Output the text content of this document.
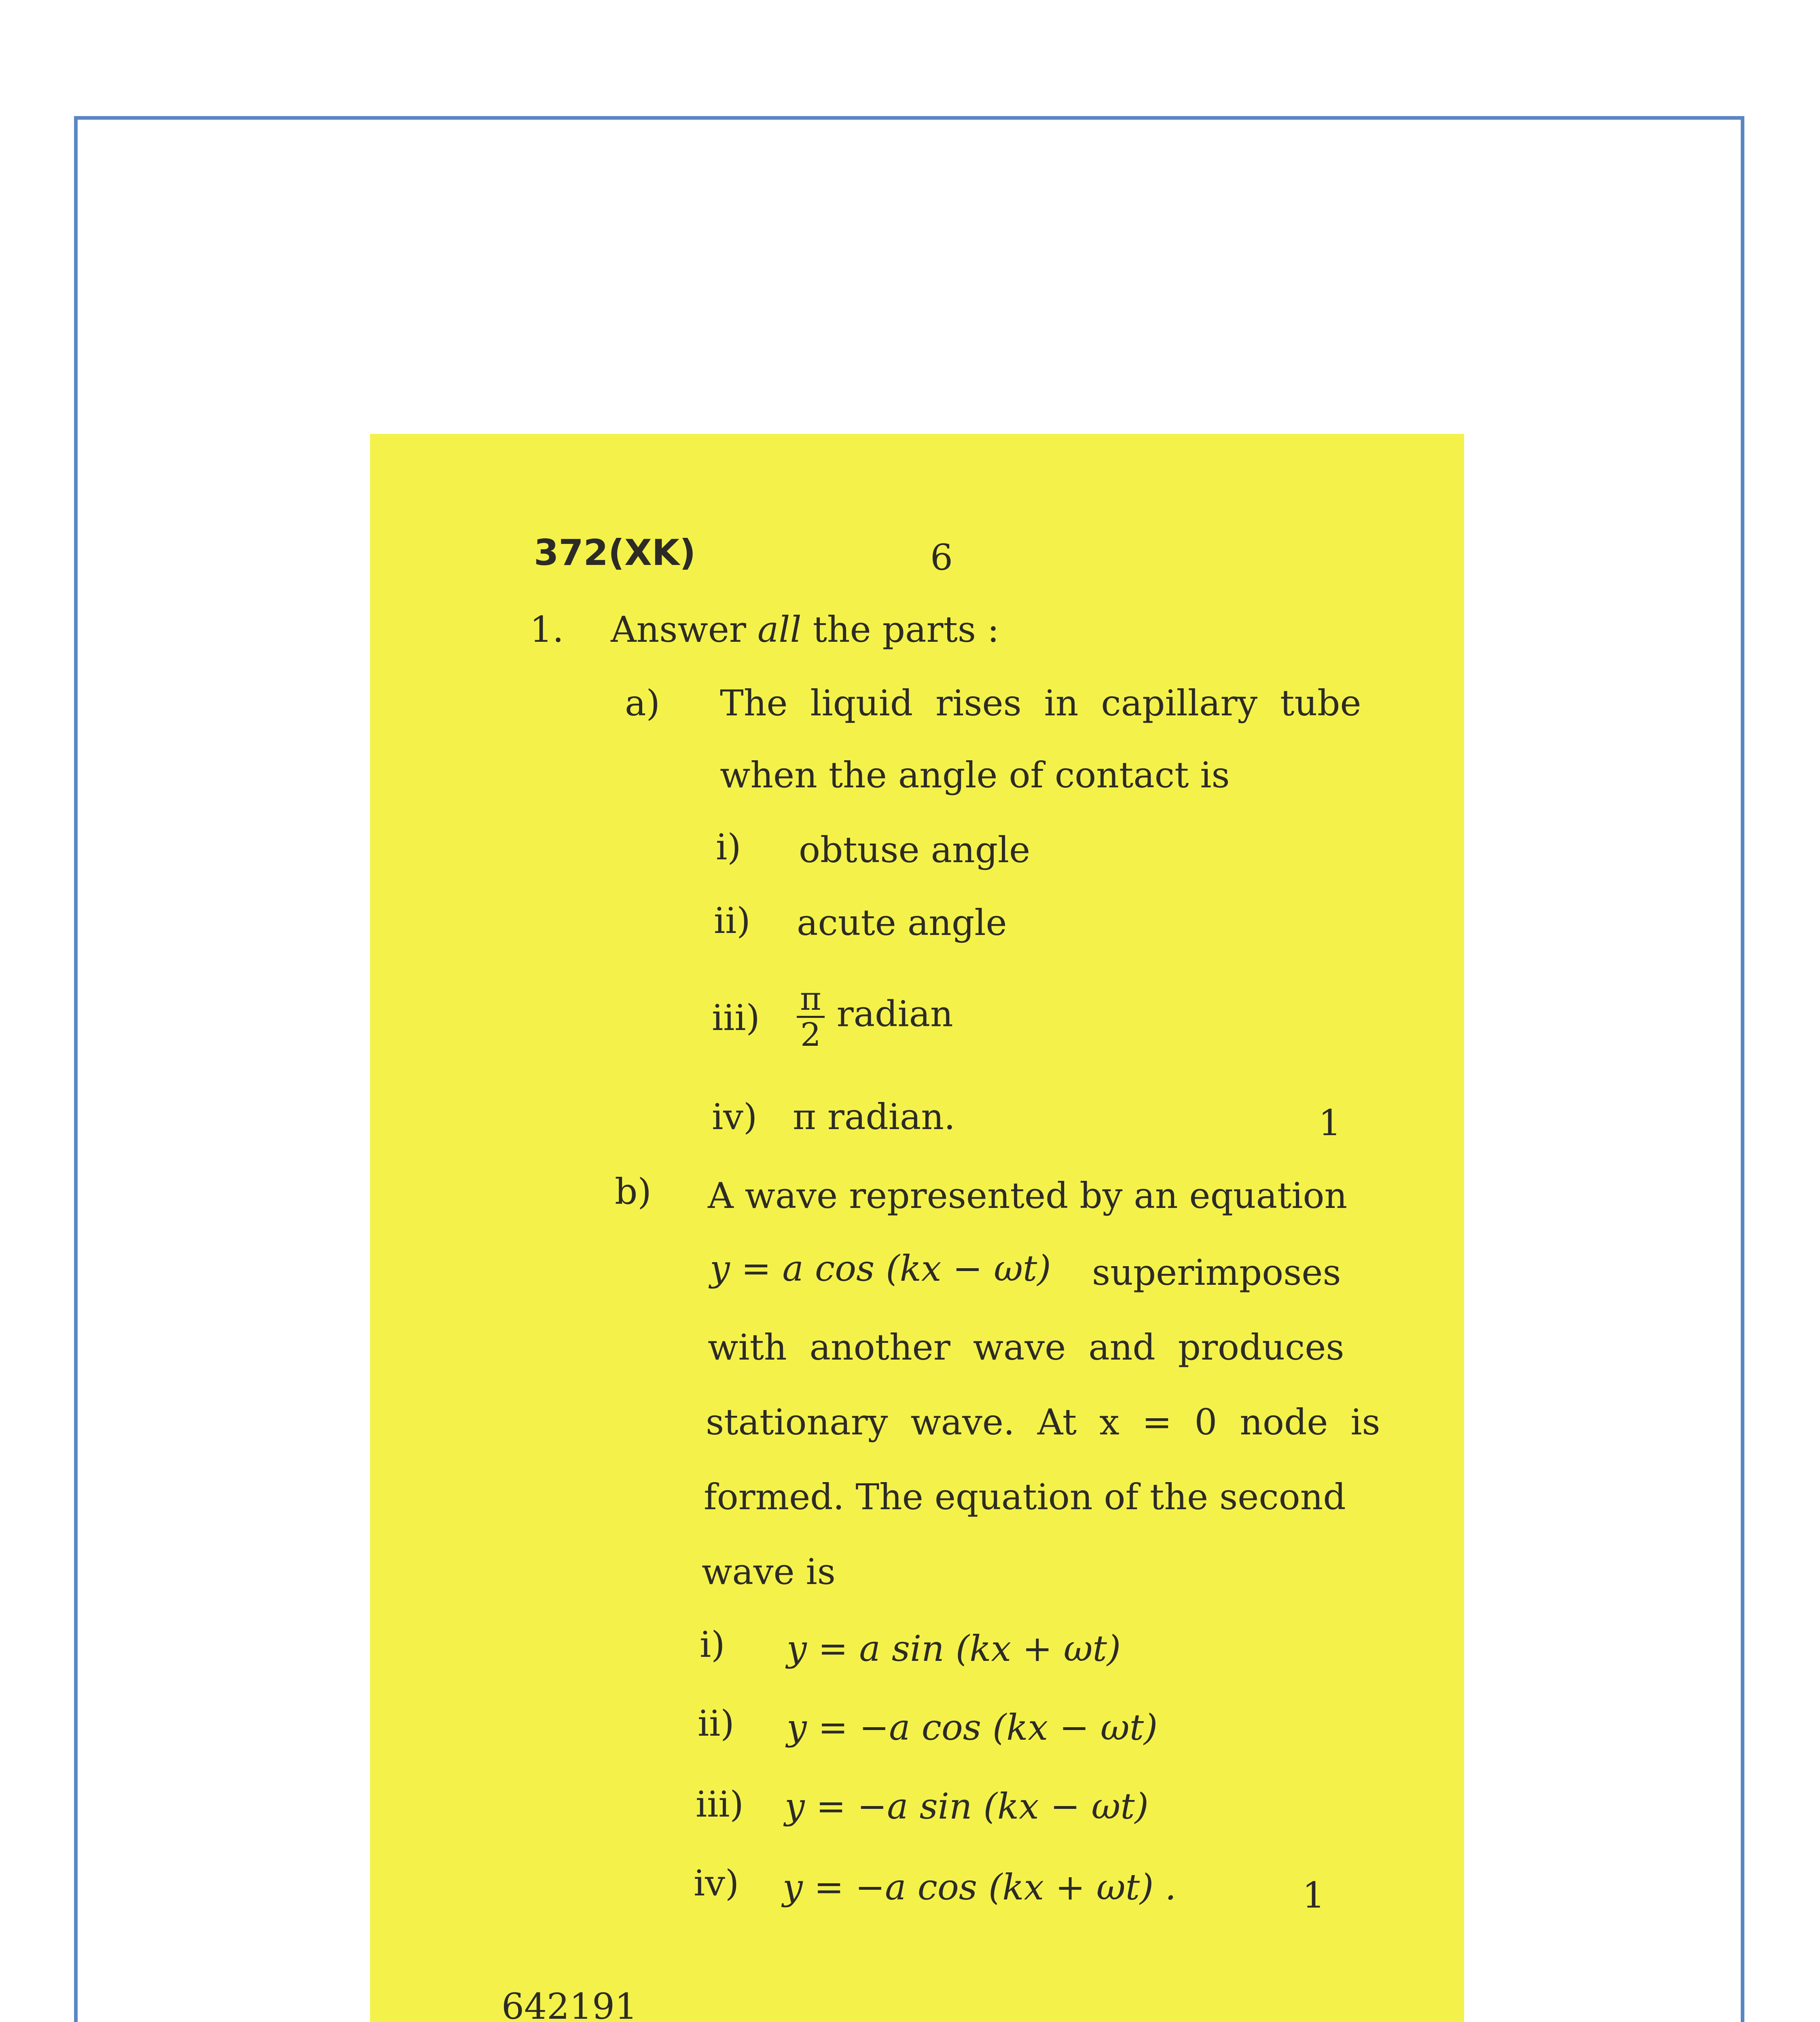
372(XK)	6
1. Answer all the parts :
a) The  liquid  rises  in  capillary  tube
when the angle of contact is
i) obtuse angle
ii) acute angle
$iii) \frac{\pi}{2}$ radian
iv) π radian.	1
b) A wave represented by an equation
y = a cos (kx − ωt) superimposes
with  another  wave  and  produces
stationary  wave.  At  x  =  0  node  is
formed. The equation of the second
wave is
i) y = a sin (kx + ωt)
ii) y = −a cos (kx − ωt)
iii) y = −a sin (kx − ωt)
iv) y = −a cos (kx + ωt) .	1
642191
